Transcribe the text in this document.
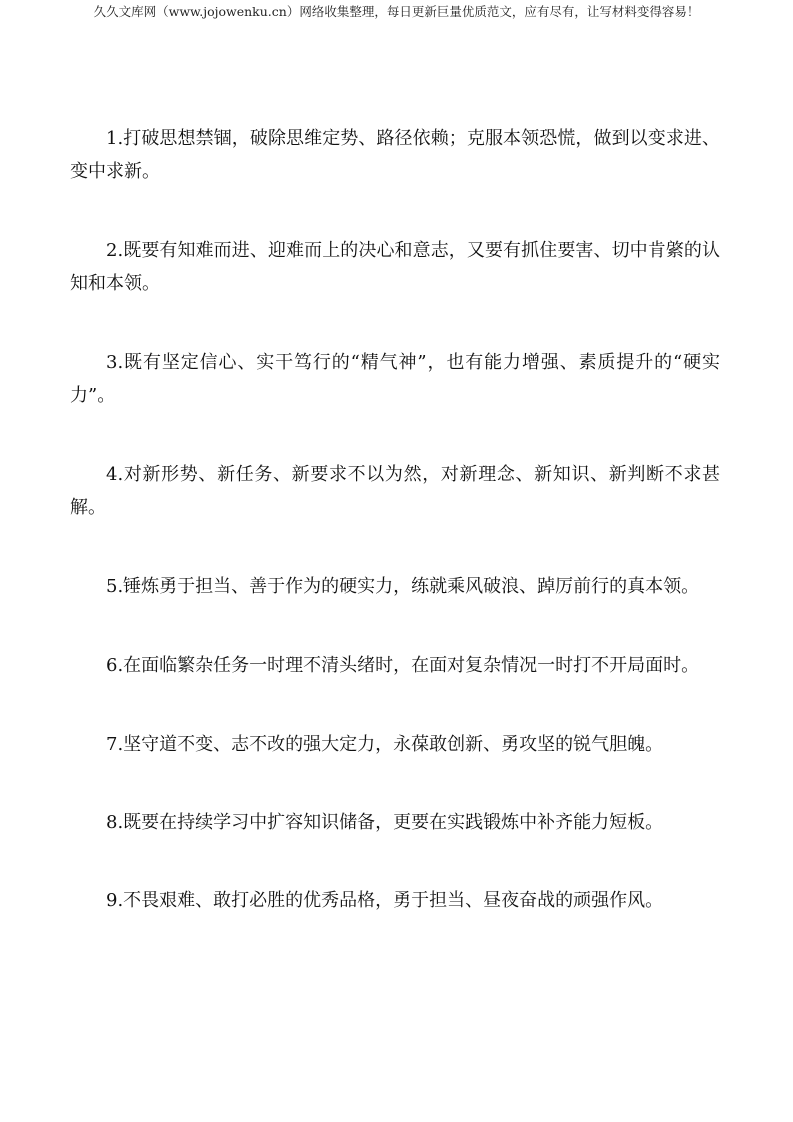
久久文库网（www.jojowenku.cn）网络收集整理，每日更新巨量优质范文，应有尽有，让写材料变得容易！

1.打破思想禁锢，破除思维定势、路径依赖；克服本领恐慌，做到以变求进、变中求新。

2.既要有知难而进、迎难而上的决心和意志，又要有抓住要害、切中肯綮的认知和本领。

3.既有坚定信心、实干笃行的“精气神”，也有能力增强、素质提升的“硬实力”。

4.对新形势、新任务、新要求不以为然，对新理念、新知识、新判断不求甚解。

5.锤炼勇于担当、善于作为的硬实力，练就乘风破浪、踔厉前行的真本领。

6.在面临繁杂任务一时理不清头绪时，在面对复杂情况一时打不开局面时。

7.坚守道不变、志不改的强大定力，永葆敢创新、勇攻坚的锐气胆魄。

8.既要在持续学习中扩容知识储备，更要在实践锻炼中补齐能力短板。

9.不畏艰难、敢打必胜的优秀品格，勇于担当、昼夜奋战的顽强作风。
